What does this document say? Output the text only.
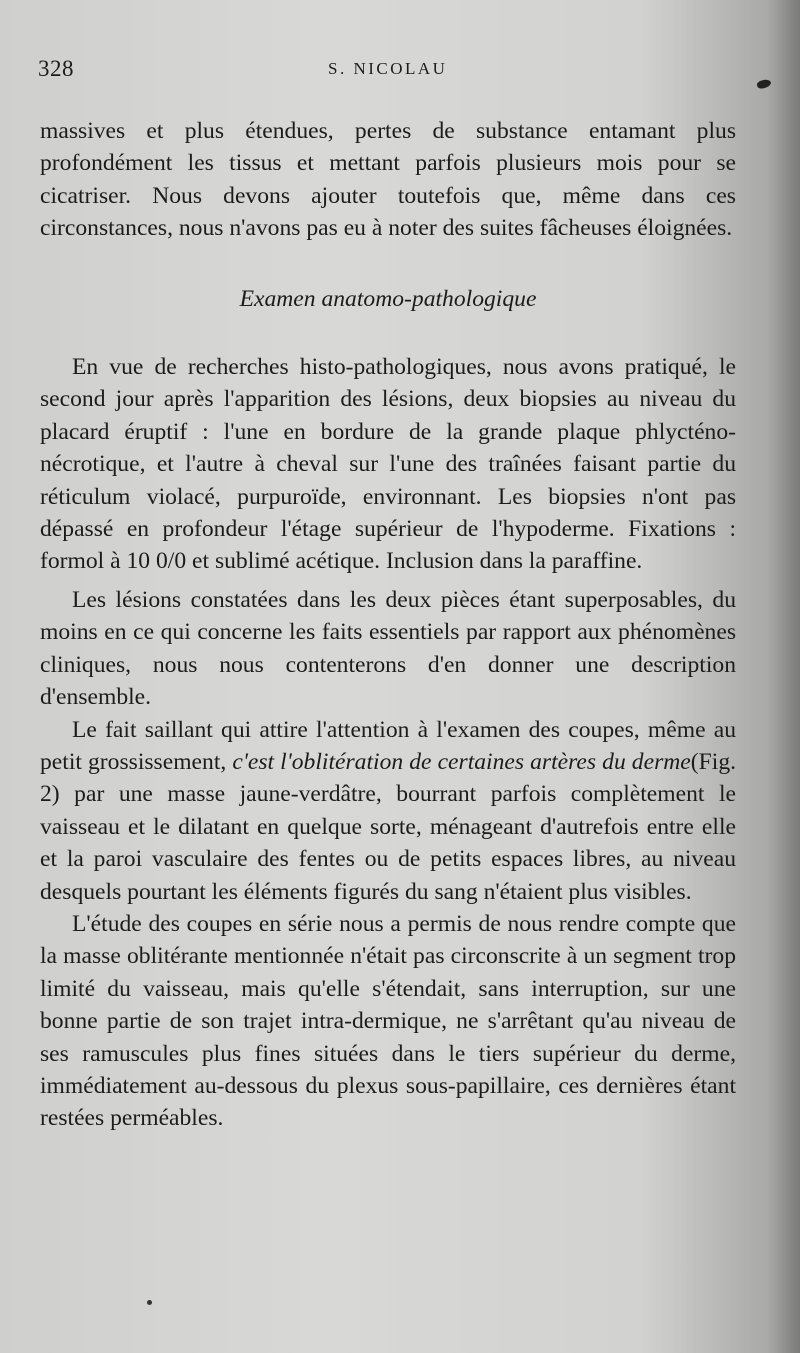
328	S. NICOLAU

massives et plus étendues, pertes de substance entamant plus profondément les tissus et mettant parfois plusieurs mois pour se cicatriser. Nous devons ajouter toutefois que, même dans ces circonstances, nous n'avons pas eu à noter des suites fâcheuses éloignées.

Examen anatomo-pathologique

En vue de recherches histo-pathologiques, nous avons pratiqué, le second jour après l'apparition des lésions, deux biopsies au niveau du placard éruptif : l'une en bordure de la grande plaque phlycténo-nécrotique, et l'autre à cheval sur l'une des traînées faisant partie du réticulum violacé, purpuroïde, environnant. Les biopsies n'ont pas dépassé en profondeur l'étage supérieur de l'hypoderme. Fixations : formol à 10 0/0 et sublimé acétique. Inclusion dans la paraffine.

Les lésions constatées dans les deux pièces étant superposables, du moins en ce qui concerne les faits essentiels par rapport aux phénomènes cliniques, nous nous contenterons d'en donner une description d'ensemble.

Le fait saillant qui attire l'attention à l'examen des coupes, même au petit grossissement, c'est l'oblitération de certaines artères du derme(Fig. 2) par une masse jaune-verdâtre, bourrant parfois complètement le vaisseau et le dilatant en quelque sorte, ménageant d'autrefois entre elle et la paroi vasculaire des fentes ou de petits espaces libres, au niveau desquels pourtant les éléments figurés du sang n'étaient plus visibles.

L'étude des coupes en série nous a permis de nous rendre compte que la masse oblitérante mentionnée n'était pas circonscrite à un segment trop limité du vaisseau, mais qu'elle s'étendait, sans interruption, sur une bonne partie de son trajet intra-dermique, ne s'arrêtant qu'au niveau de ses ramuscules plus fines situées dans le tiers supérieur du derme, immédiatement au-dessous du plexus sous-papillaire, ces dernières étant restées perméables.
